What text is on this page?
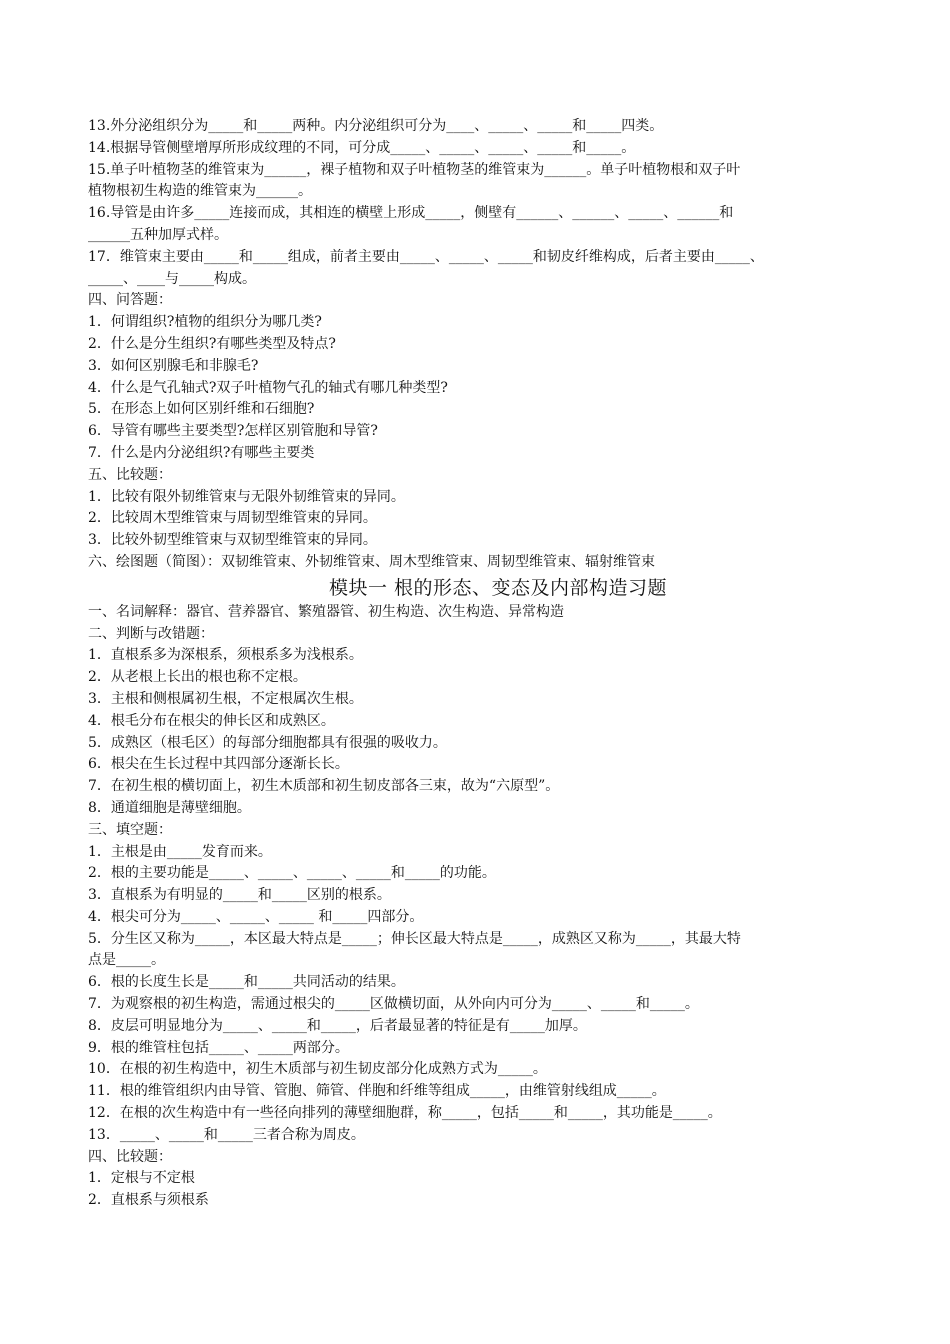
13.外分泌组织分为_____和_____两种。内分泌组织可分为____、_____、_____和_____四类。
14.根据导管侧壁增厚所形成纹理的不同，可分成_____、_____、_____、_____和_____。
15.单子叶植物茎的维管束为______，裸子植物和双子叶植物茎的维管束为______。单子叶植物根和双子叶
植物根初生构造的维管束为______。
16.导管是由许多_____连接而成，其相连的横壁上形成_____，侧壁有______、______、_____、______和
______五种加厚式样。
17．维管束主要由_____和_____组成，前者主要由_____、_____、_____和韧皮纤维构成，后者主要由_____、
_____、____与_____构成。
四、问答题：
1．何谓组织?植物的组织分为哪几类?
2．什么是分生组织?有哪些类型及特点?
3．如何区别腺毛和非腺毛?
4．什么是气孔轴式?双子叶植物气孔的轴式有哪几种类型?
5．在形态上如何区别纤维和石细胞?
6．导管有哪些主要类型?怎样区别管胞和导管?
7．什么是内分泌组织?有哪些主要类
五、比较题：
1．比较有限外韧维管束与无限外韧维管束的异同。
2．比较周木型维管束与周韧型维管束的异同。
3．比较外韧型维管束与双韧型维管束的异同。
六、绘图题（简图）：双韧维管束、外韧维管束、周木型维管束、周韧型维管束、辐射维管束
模块一 根的形态、变态及内部构造习题
一、名词解释：器官、营养器官、繁殖器管、初生构造、次生构造、异常构造
二、判断与改错题：
1．直根系多为深根系，须根系多为浅根系。
2．从老根上长出的根也称不定根。
3．主根和侧根属初生根，不定根属次生根。
4．根毛分布在根尖的伸长区和成熟区。
5．成熟区（根毛区）的每部分细胞都具有很强的吸收力。
6．根尖在生长过程中其四部分逐渐长长。
7．在初生根的横切面上，初生木质部和初生韧皮部各三束，故为“六原型”。
8．通道细胞是薄壁细胞。
三、填空题：
1．主根是由_____发育而来。
2．根的主要功能是_____、_____、_____、_____和_____的功能。
3．直根系为有明显的_____和_____区别的根系。
4．根尖可分为_____、_____、_____ 和_____四部分。
5．分生区又称为_____，本区最大特点是_____；伸长区最大特点是_____，成熟区又称为_____，其最大特
点是_____。
6．根的长度生长是_____和_____共同活动的结果。
7．为观察根的初生构造，需通过根尖的_____区做横切面，从外向内可分为_____、_____和_____。
8．皮层可明显地分为_____、_____和_____，后者最显著的特征是有_____加厚。
9．根的维管柱包括_____、_____两部分。
10．在根的初生构造中，初生木质部与初生韧皮部分化成熟方式为_____。
11．根的维管组织内由导管、管胞、筛管、伴胞和纤维等组成_____，由维管射线组成_____。
12．在根的次生构造中有一些径向排列的薄壁细胞群，称_____，包括_____和_____，其功能是_____。
13．_____、_____和_____三者合称为周皮。
四、比较题：
1．定根与不定根
2．直根系与须根系
